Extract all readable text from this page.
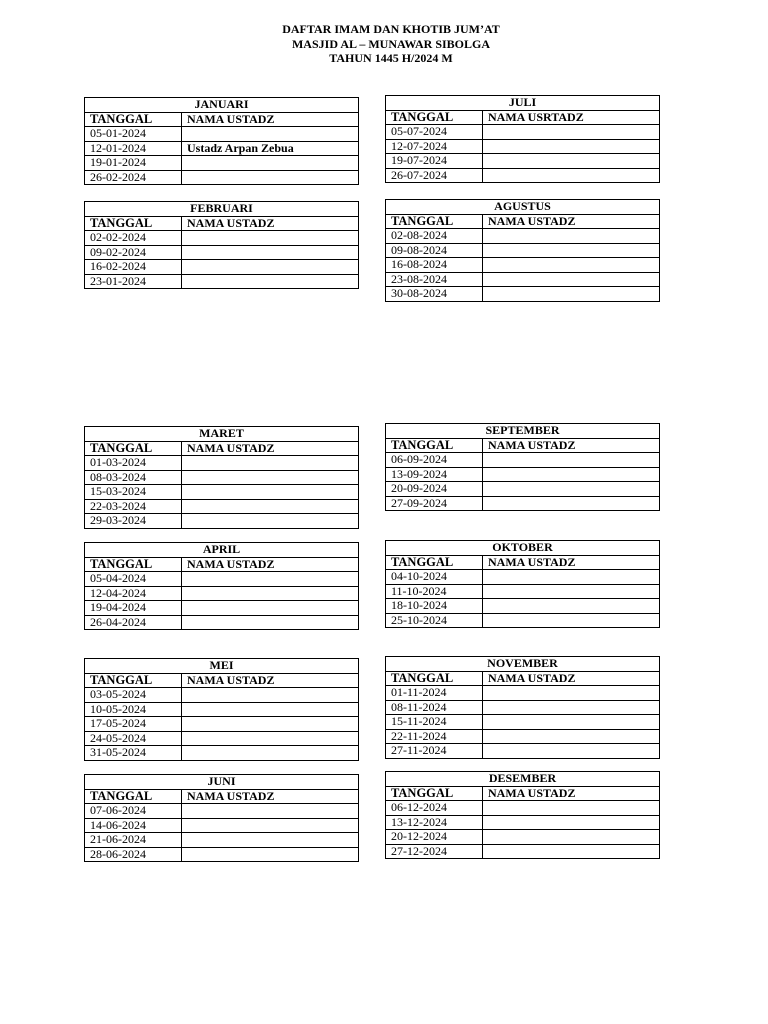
DAFTAR IMAM DAN KHOTIB JUM’AT
MASJID AL – MUNAWAR SIBOLGA
TAHUN 1445 H/2024 M
JANUARI	
TANGGAL	NAMA USTADZ
05-01-2024	
12-01-2024	Ustadz Arpan Zebua
19-01-2024	
26-02-2024	
FEBRUARI	
TANGGAL	NAMA USTADZ
02-02-2024	
09-02-2024	
16-02-2024	
23-01-2024	
MARET	
TANGGAL	NAMA USTADZ
01-03-2024	
08-03-2024	
15-03-2024	
22-03-2024	
29-03-2024	
APRIL	
TANGGAL	NAMA USTADZ
05-04-2024	
12-04-2024	
19-04-2024	
26-04-2024	
MEI	
TANGGAL	NAMA USTADZ
03-05-2024	
10-05-2024	
17-05-2024	
24-05-2024	
31-05-2024	
JUNI	
TANGGAL	NAMA USTADZ
07-06-2024	
14-06-2024	
21-06-2024	
28-06-2024	
JULI	
TANGGAL	NAMA USRTADZ
05-07-2024	
12-07-2024	
19-07-2024	
26-07-2024	
AGUSTUS	
TANGGAL	NAMA USTADZ
02-08-2024	
09-08-2024	
16-08-2024	
23-08-2024	
30-08-2024	
SEPTEMBER	
TANGGAL	NAMA USTADZ
06-09-2024	
13-09-2024	
20-09-2024	
27-09-2024	
OKTOBER	
TANGGAL	NAMA USTADZ
04-10-2024	
11-10-2024	
18-10-2024	
25-10-2024	
NOVEMBER	
TANGGAL	NAMA USTADZ
01-11-2024	
08-11-2024	
15-11-2024	
22-11-2024	
27-11-2024	
DESEMBER	
TANGGAL	NAMA USTADZ
06-12-2024	
13-12-2024	
20-12-2024	
27-12-2024	
